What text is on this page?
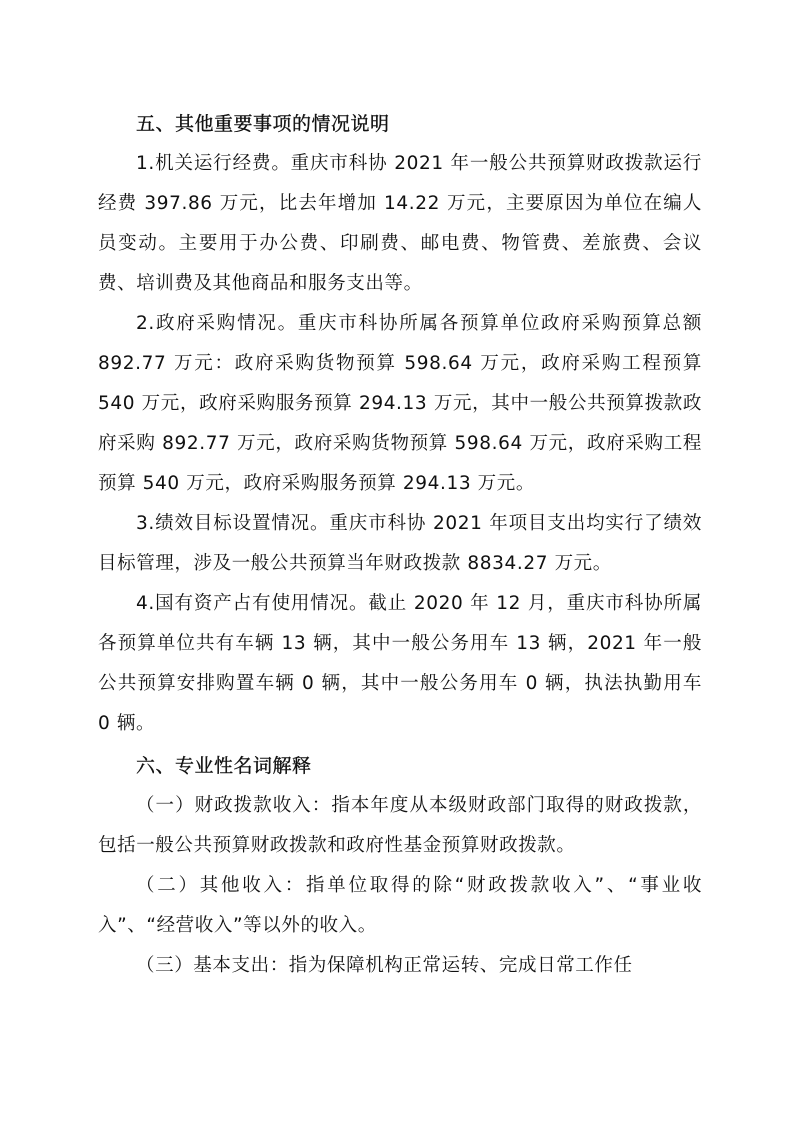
五、其他重要事项的情况说明

1.机关运行经费。重庆市科协 2021 年一般公共预算财政拨款运行经费 397.86 万元，比去年增加 14.22 万元，主要原因为单位在编人员变动。主要用于办公费、印刷费、邮电费、物管费、差旅费、会议费、培训费及其他商品和服务支出等。

2.政府采购情况。重庆市科协所属各预算单位政府采购预算总额 892.77 万元：政府采购货物预算 598.64 万元，政府采购工程预算 540 万元，政府采购服务预算 294.13 万元，其中一般公共预算拨款政府采购 892.77 万元，政府采购货物预算 598.64 万元，政府采购工程预算 540 万元，政府采购服务预算 294.13 万元。

3.绩效目标设置情况。重庆市科协 2021 年项目支出均实行了绩效目标管理，涉及一般公共预算当年财政拨款 8834.27 万元。

4.国有资产占有使用情况。截止 2020 年 12 月，重庆市科协所属各预算单位共有车辆 13 辆，其中一般公务用车 13 辆，2021 年一般公共预算安排购置车辆 0 辆，其中一般公务用车 0 辆，执法执勤用车 0 辆。

六、专业性名词解释

（一）财政拨款收入：指本年度从本级财政部门取得的财政拨款，包括一般公共预算财政拨款和政府性基金预算财政拨款。

（二）其他收入：指单位取得的除“财政拨款收入”、“事业收入”、“经营收入”等以外的收入。

（三）基本支出：指为保障机构正常运转、完成日常工作任
